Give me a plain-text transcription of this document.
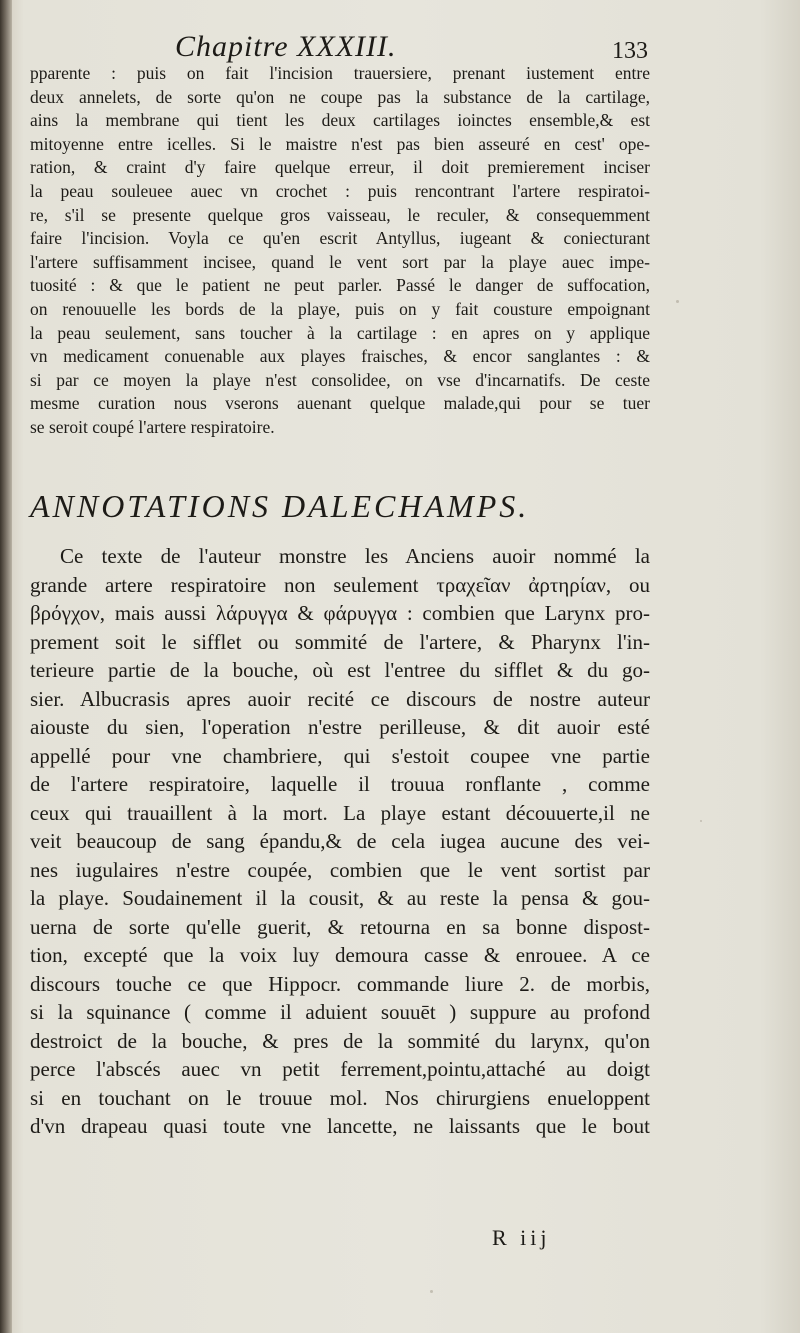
Chapitre XXXIII.	133
pparente : puis on fait l'incision trauersiere, prenant iustement entre
deux annelets, de sorte qu'on ne coupe pas la substance de la cartilage,
ains la membrane qui tient les deux cartilages ioinctes ensemble,& est
mitoyenne entre icelles. Si le maistre n'est pas bien asseuré en cest' ope-
ration, & craint d'y faire quelque erreur, il doit premierement inciser
la peau souleuee auec vn crochet : puis rencontrant l'artere respiratoi-
re, s'il se presente quelque gros vaisseau, le reculer, & consequemment
faire l'incision. Voyla ce qu'en escrit Antyllus, iugeant & coniecturant
l'artere suffisamment incisee, quand le vent sort par la playe auec impe-
tuosité : & que le patient ne peut parler. Passé le danger de suffocation,
on renouuelle les bords de la playe, puis on y fait cousture empoignant
la peau seulement, sans toucher à la cartilage : en apres on y applique
vn medicament conuenable aux playes fraisches, & encor sanglantes : &
si par ce moyen la playe n'est consolidee, on vse d'incarnatifs. De ceste
mesme curation nous vserons auenant quelque malade,qui pour se tuer
se seroit coupé l'artere respiratoire.
ANNOTATIONS DALECHAMPS.
Ce texte de l'auteur monstre les Anciens auoir nommé la
grande artere respiratoire non seulement τραχεῖαν ἀρτηρίαν, ou
βρόγχον, mais aussi λάρυγγα & φάρυγγα : combien que Larynx pro-
prement soit le sifflet ou sommité de l'artere, & Pharynx l'in-
terieure partie de la bouche, où est l'entree du sifflet & du go-
sier. Albucrasis apres auoir recité ce discours de nostre auteur
aiouste du sien, l'operation n'estre perilleuse, & dit auoir esté
appellé pour vne chambriere, qui s'estoit coupee vne partie
de l'artere respiratoire, laquelle il trouua ronflante , comme
ceux qui trauaillent à la mort. La playe estant découuerte,il ne
veit beaucoup de sang épandu,& de cela iugea aucune des vei-
nes iugulaires n'estre coupée, combien que le vent sortist par
la playe. Soudainement il la cousit, & au reste la pensa & gou-
uerna de sorte qu'elle guerit, & retourna en sa bonne dispost-
tion, excepté que la voix luy demoura casse & enrouee. A ce
discours touche ce que Hippocr. commande liure 2. de morbis,
si la squinance ( comme il aduient souuēt ) suppure au profond
destroict de la bouche, & pres de la sommité du larynx, qu'on
perce l'abscés auec vn petit ferrement,pointu,attaché au doigt
si en touchant on le trouue mol. Nos chirurgiens enueloppent
d'vn drapeau quasi toute vne lancette, ne laissants que le bout
R iij
